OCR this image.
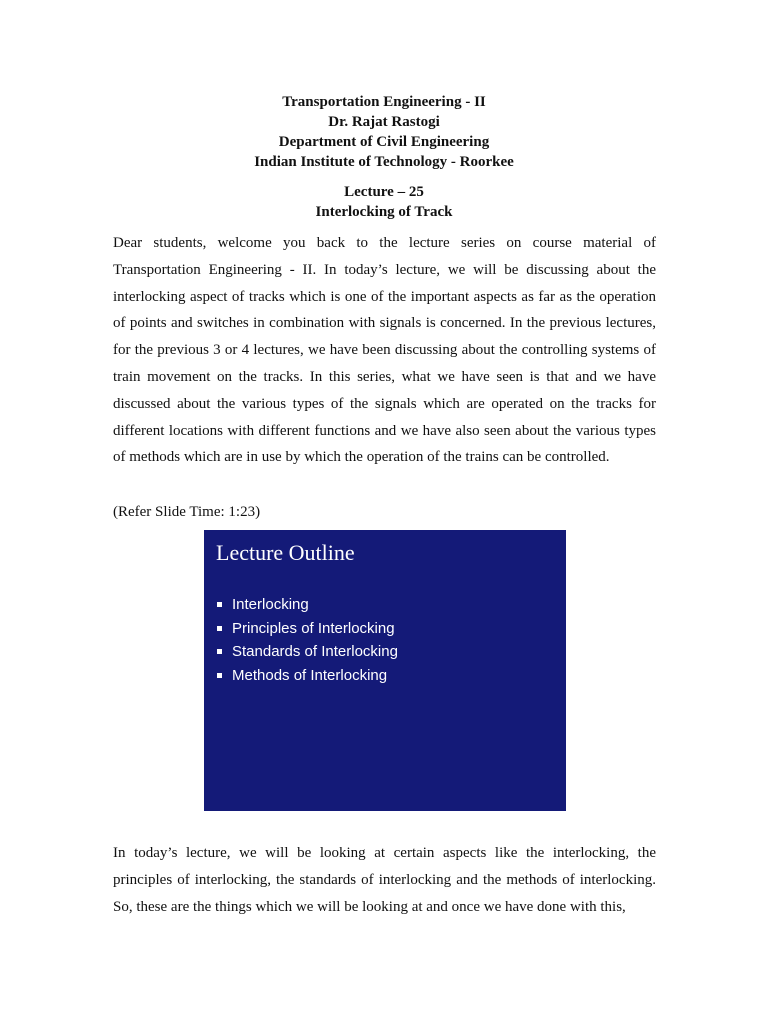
Transportation Engineering - II
Dr. Rajat Rastogi
Department of Civil Engineering
Indian Institute of Technology - Roorkee
Lecture – 25
Interlocking of Track
Dear students, welcome you back to the lecture series on course material of Transportation Engineering - II. In today’s lecture, we will be discussing about the interlocking aspect of tracks which is one of the important aspects as far as the operation of points and switches in combination with signals is concerned. In the previous lectures, for the previous 3 or 4 lectures, we have been discussing about the controlling systems of train movement on the tracks. In this series, what we have seen is that and we have discussed about the various types of the signals which are operated on the tracks for different locations with different functions and we have also seen about the various types of methods which are in use by which the operation of the trains can be controlled.
(Refer Slide Time: 1:23)
Lecture Outline
Interlocking
Principles of Interlocking
Standards of Interlocking
Methods of Interlocking
In today’s lecture, we will be looking at certain aspects like the interlocking, the principles of interlocking, the standards of interlocking and the methods of interlocking. So, these are the things which we will be looking at and once we have done with this,
